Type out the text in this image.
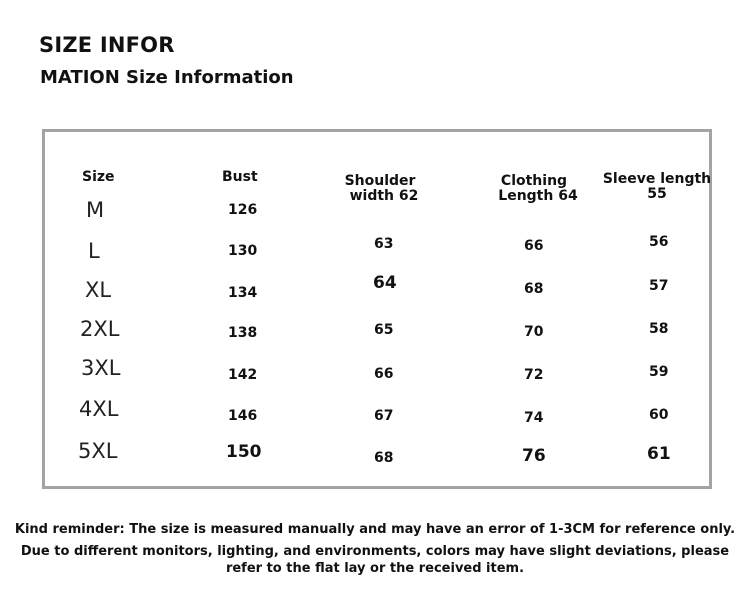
SIZE INFOR
MATION Size Information
Size	Bust	Shoulder
width 62
Clothing
Length 64
Sleeve length
55
M
L
XL
2XL
3XL
4XL
5XL
126
130
134
138
142
146
150
63
64
65
66
67
68
66
68
70
72
74
76
56
57
58
59
60
61
Kind reminder: The size is measured manually and may have an error of 1-3CM for reference only.
Due to different monitors, lighting, and environments, colors may have slight deviations, please
refer to the flat lay or the received item.
